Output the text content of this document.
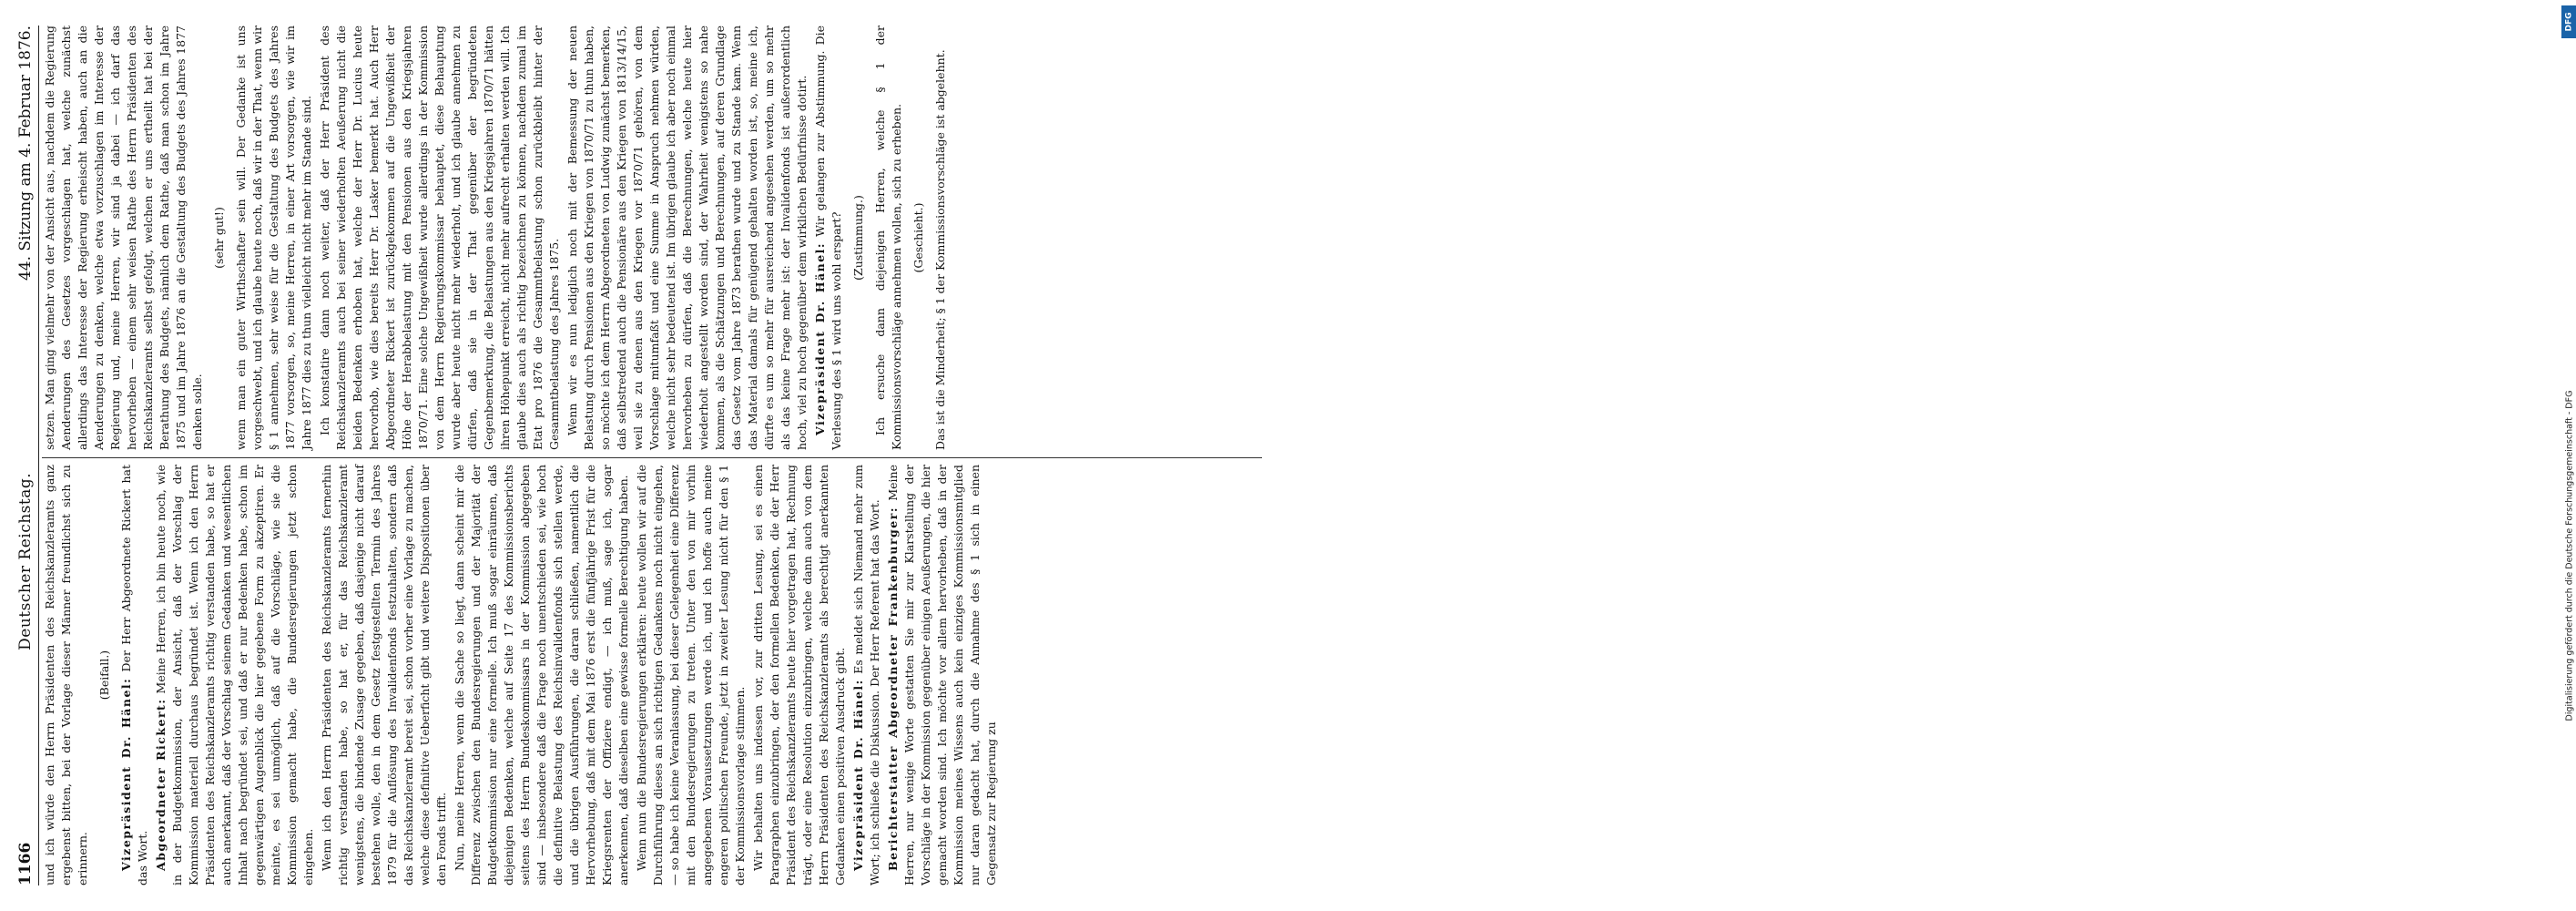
1166
Deutscher Reichstag.
44. Sitzung am 4. Februar 1876.

und ich würde den Herrn Präsidenten des Reichskanzleramts ganz ergebenst bitten, bei der Vorlage dieser Männer freundlichst sich zu erinnern.

(Beifall.)

Vizepräsident Dr. Hänel: Der Herr Abgeordnete Rickert hat das Wort. Abgeordneter Rickert: Meine Herren, ich bin heute noch, wie in der Budgetkommission, der Ansicht, daß der Vorschlag der Kommission materiell durchaus begründet ist. Wenn ich den Herrn Präsidenten des Reichskanzleramts richtig verstanden habe, so hat er auch anerkannt, daß der Vorschlag seinem Gedanken und wesentlichen Inhalt nach begründet sei, und daß er nur Bedenken habe, schon im gegenwärtigen Augenblick die hier gegebene Form zu akzeptiren. Er meinte, es sei unmöglich, daß auf die Vorschläge, wie sie die Kommission gemacht habe, die Bundesregierungen jetzt schon eingehen. Wenn ich den Herrn Präsidenten des Reichskanzleramts fernerhin richtig verstanden habe, so hat er, für das Reichskanzleramt wenigstens, die bindende Zusage gegeben, daß dasjenige nicht darauf bestehen wolle, den in dem Gesetz festgestellten Termin des Jahres 1879 für die Auflösung des Invalidenfonds festzuhalten, sondern daß das Reichskanzleramt bereit sei, schon vorher eine Vorlage zu machen, welche diese definitive Ueberficht gibt und weitere Dispositionen über den Fonds trifft. Nun, meine Herren, wenn die Sache so liegt, dann scheint mir die Differenz zwischen den Bundesregierungen und der Majorität der Budgetkommission nur eine formelle. Ich muß sogar einräumen, daß diejenigen Bedenken, welche auf Seite 17 des Kommissionsberichts seitens des Herrn Bundeskommissars in der Kommission abgegeben sind — insbesondere daß die Frage noch unentschieden sei, wie hoch die definitive Belastung des Reichsinvalidenfonds sich stellen werde, und die übrigen Ausführungen, die daran schließen, namentlich die Hervorhebung, daß mit dem Mai 1876 erst die fünfjährige Frist für die Kriegsrenten der Offiziere endigt, — ich muß, sage ich, sogar anerkennen, daß dieselben eine gewisse formelle Berechtigung haben. Wenn nun die Bundesregierungen erklären: heute wollen wir auf die Durchführung dieses an sich richtigen Gedankens noch nicht eingehen, — so habe ich keine Veranlassung, bei dieser Gelegenheit eine Differenz mit den Bundesregierungen zu treten. Unter den von mir vorhin angegebenen Voraussetzungen werde ich, und ich hoffe auch meine engeren politischen Freunde, jetzt in zweiter Lesung nicht für den § 1 der Kommissionsvorlage stimmen. Wir behalten uns indessen vor, zur dritten Lesung, sei es einen Paragraphen einzubringen, der den formellen Bedenken, die der Herr Präsident des Reichskanzleramts heute hier vorgetragen hat, Rechnung trägt, oder eine Resolution einzubringen, welche dann auch von dem Herrn Präsidenten des Reichskanzleramts als berechtigt anerkannten Gedanken einen positiven Ausdruck gibt. Vizepräsident Dr. Hänel: Es meldet sich Niemand mehr zum Wort; ich schließe die Diskussion. Der Herr Referent hat das Wort. Berichterstatter Abgeordneter Frankenburger: Meine Herren, nur wenige Worte gestatten Sie mir zur Klarstellung der Vorschläge in der Kommission gegenüber einigen Aeußerungen, die hier gemacht worden sind. Ich möchte vor allem hervorheben, daß in der Kommission meines Wissens auch kein einziges Kommissionsmitglied nur daran gedacht hat, durch die Annahme des § 1 sich in einen Gegensatz zur Regierung zu

setzen. Man ging vielmehr von der Ansicht aus, nachdem die Regierung Aenderungen des Gesetzes vorgeschlagen hat, welche zunächst allerdings das Interesse der Regierung erheischt haben, auch an die Aenderungen zu denken, welche etwa vorzuschlagen im Interesse der Regierung und, meine Herren, wir sind ja dabei — ich darf das hervorheben — einem sehr weisen Rathe des Herrn Präsidenten des Reichskanzleramts selbst gefolgt, welchen er uns ertheilt hat bei der Berathung des Budgets, nämlich dem Rathe, daß man schon im Jahre 1875 und im Jahre 1876 an die Gestaltung des Budgets des Jahres 1877 denken solle.

(sehr gut!) wenn man ein guter Wirthschafter sein will. Der Gedanke ist uns vorgeschwebt, und ich glaube heute noch, daß wir in der That, wenn wir § 1 annehmen, sehr weise für die Gestaltung des Budgets des Jahres 1877 vorsorgen, so, meine Herren, in einer Art vorsorgen, wie wir im Jahre 1877 dies zu thun vielleicht nicht mehr im Stande sind. Ich konstatire dann noch weiter, daß der Herr Präsident des Reichskanzleramts auch bei seiner wiederholten Aeußerung nicht die beiden Bedenken erhoben hat, welche der Herr Dr. Lucius heute hervorhob, wie dies bereits Herr Dr. Lasker bemerkt hat. Auch Herr Abgeordneter Rickert ist zurückgekommen auf die Ungewißheit der Höhe der Herabbelastung mit den Pensionen aus den Kriegsjahren 1870/71. Eine solche Ungewißheit wurde allerdings in der Kommission von dem Herrn Regierungskommissar behauptet, diese Behauptung wurde aber heute nicht mehr wiederholt, und ich glaube annehmen zu dürfen, daß sie in der That gegenüber der begründeten Gegenbemerkung, die Belastungen aus den Kriegsjahren 1870/71 hätten ihren Höhepunkt erreicht, nicht mehr aufrecht erhalten werden will. Ich glaube dies auch als richtig bezeichnen zu können, nachdem zumal im Etat pro 1876 die Gesammtbelastung schon zurückbleibt hinter der Gesammtbelastung des Jahres 1875. Wenn wir es nun lediglich noch mit der Bemessung der neuen Belastung durch Pensionen aus den Kriegen von 1870/71 zu thun haben, so möchte ich dem Herrn Abgeordneten von Ludwig zunächst bemerken, daß selbstredend auch die Pensionäre aus den Kriegen von 1813/14/15, weil sie zu denen aus den Kriegen vor 1870/71 gehören, von dem Vorschlage mitumfaßt und eine Summe in Anspruch nehmen würden, welche nicht sehr bedeutend ist. Im übrigen glaube ich aber noch einmal hervorheben zu dürfen, daß die Berechnungen, welche heute hier wiederholt angestellt worden sind, der Wahrheit wenigstens so nahe kommen, als die Schätzungen und Berechnungen, auf deren Grundlage das Gesetz vom Jahre 1873 berathen wurde und zu Stande kam. Wenn das Material damals für genügend gehalten worden ist, so, meine ich, dürfte es um so mehr für ausreichend angesehen werden, um so mehr als das keine Frage mehr ist: der Invalidenfonds ist außerordentlich hoch, viel zu hoch gegenüber dem wirklichen Bedürfnisse dotirt. Vizepräsident Dr. Hänel: Wir gelangen zur Abstimmung. Die Verlesung des § 1 wird uns wohl erspart? (Zustimmung.) Ich ersuche dann diejenigen Herren, welche § 1 der Kommissionsvorschläge annehmen wollen, sich zu erheben. (Geschieht.) Das ist die Minderheit; § 1 der Kommissionsvorschläge ist abgelehnt.

DFG
Digitalisierung gefördert durch die Deutsche Forschungsgemeinschaft - DFG
